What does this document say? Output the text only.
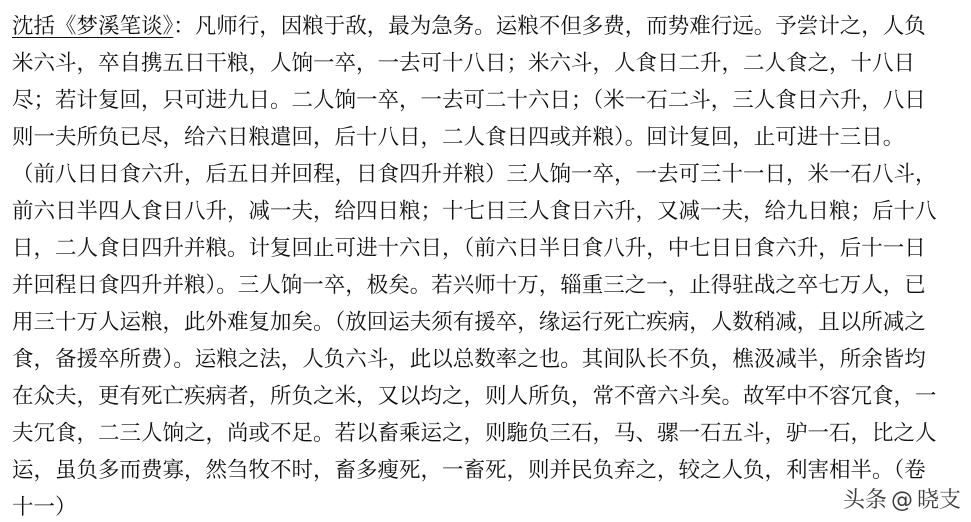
沈括《梦溪笔谈》：凡师行，因粮于敌，最为急务。运粮不但多费，而势难行远。予尝计之，人负
米六斗，卒自携五日干粮，人饷一卒，一去可十八日；米六斗，人食日二升，二人食之，十八日
尽；若计复回，只可进九日。二人饷一卒，一去可二十六日；（米一石二斗，三人食日六升，八日
则一夫所负已尽，给六日粮遣回，后十八日，二人食日四或并粮）。回计复回，止可进十三日。
（前八日日食六升，后五日并回程，日食四升并粮）三人饷一卒，一去可三十一日，米一石八斗，
前六日半四人食日八升，减一夫，给四日粮；十七日三人食日六升，又减一夫，给九日粮；后十八
日，二人食日四升并粮。计复回止可进十六日，（前六日半日食八升，中七日日食六升，后十一日
并回程日食四升并粮）。三人饷一卒，极矣。若兴师十万，辎重三之一，止得驻战之卒七万人，已
用三十万人运粮，此外难复加矣。（放回运夫须有援卒，缘运行死亡疾病，人数稍减，且以所减之
食，备援卒所费）。运粮之法，人负六斗，此以总数率之也。其间队长不负，樵汲减半，所余皆均
在众夫，更有死亡疾病者，所负之米，又以均之，则人所负，常不啻六斗矣。故军中不容冗食，一
夫冗食，二三人饷之，尚或不足。若以畜乘运之，则駞负三石，马、骡一石五斗，驴一石，比之人
运，虽负多而费寡，然刍牧不时，畜多瘦死，一畜死，则并民负弃之，较之人负，利害相半。（卷
十一）	头条 @ 晓支
